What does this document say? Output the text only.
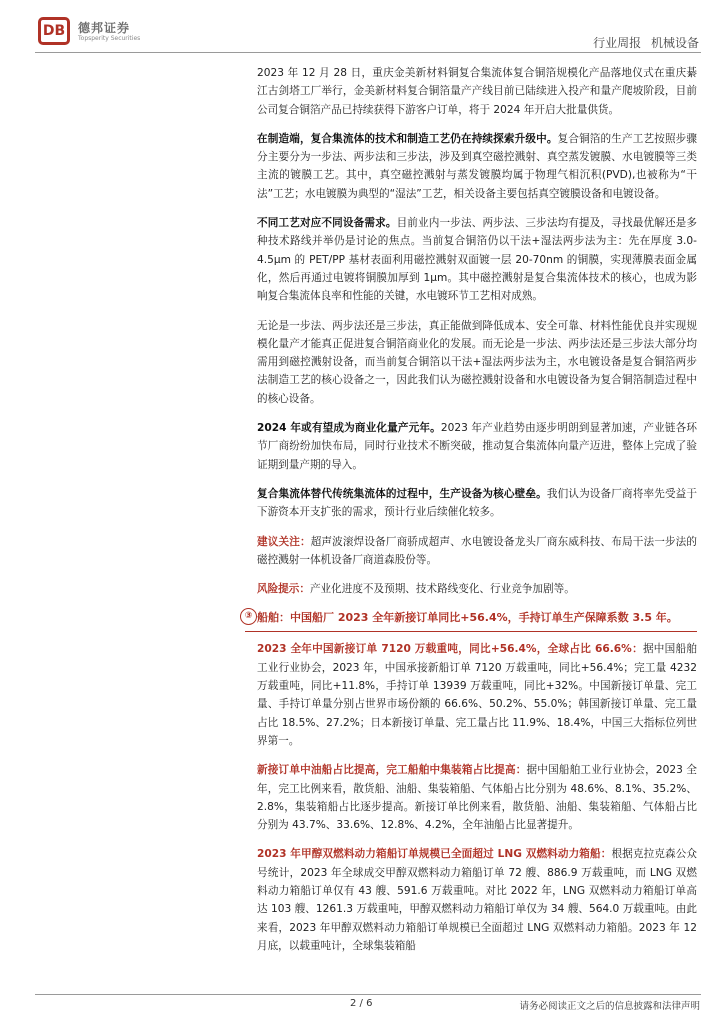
DB	德邦证券
Topsperity Securities	行业周报 机械设备

2023 年 12 月 28 日，重庆金美新材料铜复合集流体复合铜箔规模化产品落地仪式在重庆綦江古剑塔工厂举行，金美新材料复合铜箔量产产线目前已陆续进入投产和量产爬坡阶段，目前公司复合铜箔产品已持续获得下游客户订单，将于 2024 年开启大批量供货。

在制造端，复合集流体的技术和制造工艺仍在持续探索升级中。复合铜箔的生产工艺按照步骤分主要分为一步法、两步法和三步法，涉及到真空磁控溅射、真空蒸发镀膜、水电镀膜等三类主流的镀膜工艺。其中，真空磁控溅射与蒸发镀膜均属于物理气相沉积(PVD),也被称为“干法”工艺；水电镀膜为典型的“湿法”工艺，相关设备主要包括真空镀膜设备和电镀设备。

不同工艺对应不同设备需求。目前业内一步法、两步法、三步法均有提及，寻找最优解还是多种技术路线并举仍是讨论的焦点。当前复合铜箔仍以干法+湿法两步法为主：先在厚度 3.0-4.5μm 的 PET/PP 基材表面利用磁控溅射双面镀一层 20-70nm 的铜膜，实现薄膜表面金属化，然后再通过电镀将铜膜加厚到 1μm。其中磁控溅射是复合集流体技术的核心，也成为影响复合集流体良率和性能的关键，水电镀环节工艺相对成熟。

无论是一步法、两步法还是三步法，真正能做到降低成本、安全可靠、材料性能优良并实现规模化量产才能真正促进复合铜箔商业化的发展。而无论是一步法、两步法还是三步法大部分均需用到磁控溅射设备，而当前复合铜箔以干法+湿法两步法为主，水电镀设备是复合铜箔两步法制造工艺的核心设备之一，因此我们认为磁控溅射设备和水电镀设备为复合铜箔制造过程中的核心设备。

2024 年或有望成为商业化量产元年。2023 年产业趋势由逐步明朗到显著加速，产业链各环节厂商纷纷加快布局，同时行业技术不断突破，推动复合集流体向量产迈进，整体上完成了验证期到量产期的导入。

复合集流体替代传统集流体的过程中，生产设备为核心壁垒。我们认为设备厂商将率先受益于下游资本开支扩张的需求，预计行业后续催化较多。

建议关注：超声波滚焊设备厂商骄成超声、水电镀设备龙头厂商东威科技、布局干法一步法的磁控溅射一体机设备厂商道森股份等。

风险提示：产业化进度不及预期、技术路线变化、行业竞争加剧等。

③ 船舶：中国船厂 2023 全年新接订单同比+56.4%，手持订单生产保障系数 3.5 年。

2023 全年中国新接订单 7120 万载重吨，同比+56.4%，全球占比 66.6%：据中国船舶工业行业协会，2023 年，中国承接新船订单 7120 万载重吨，同比+56.4%；完工量 4232 万载重吨，同比+11.8%，手持订单 13939 万载重吨，同比+32%。中国新接订单量、完工量、手持订单量分别占世界市场份额的 66.6%、50.2%、55.0%；韩国新接订单量、完工量占比 18.5%、27.2%；日本新接订单量、完工量占比 11.9%、18.4%，中国三大指标位列世界第一。

新接订单中油船占比提高，完工船舶中集装箱占比提高：据中国船舶工业行业协会，2023 全年，完工比例来看，散货船、油船、集装箱船、气体船占比分别为 48.6%、8.1%、35.2%、2.8%，集装箱船占比逐步提高。新接订单比例来看，散货船、油船、集装箱船、气体船占比分别为 43.7%、33.6%、12.8%、4.2%，全年油船占比显著提升。

2023 年甲醇双燃料动力箱船订单规模已全面超过 LNG 双燃料动力箱船：根据克拉克森公众号统计，2023 年全球成交甲醇双燃料动力箱船订单 72 艘、886.9 万载重吨，而 LNG 双燃料动力箱船订单仅有 43 艘、591.6 万载重吨。对比 2022 年，LNG 双燃料动力箱船订单高达 103 艘、1261.3 万载重吨，甲醇双燃料动力箱船订单仅为 34 艘、564.0 万载重吨。由此来看，2023 年甲醇双燃料动力箱船订单规模已全面超过 LNG 双燃料动力箱船。2023 年 12 月底，以载重吨计，全球集装箱船

2 / 6	请务必阅读正文之后的信息披露和法律声明
